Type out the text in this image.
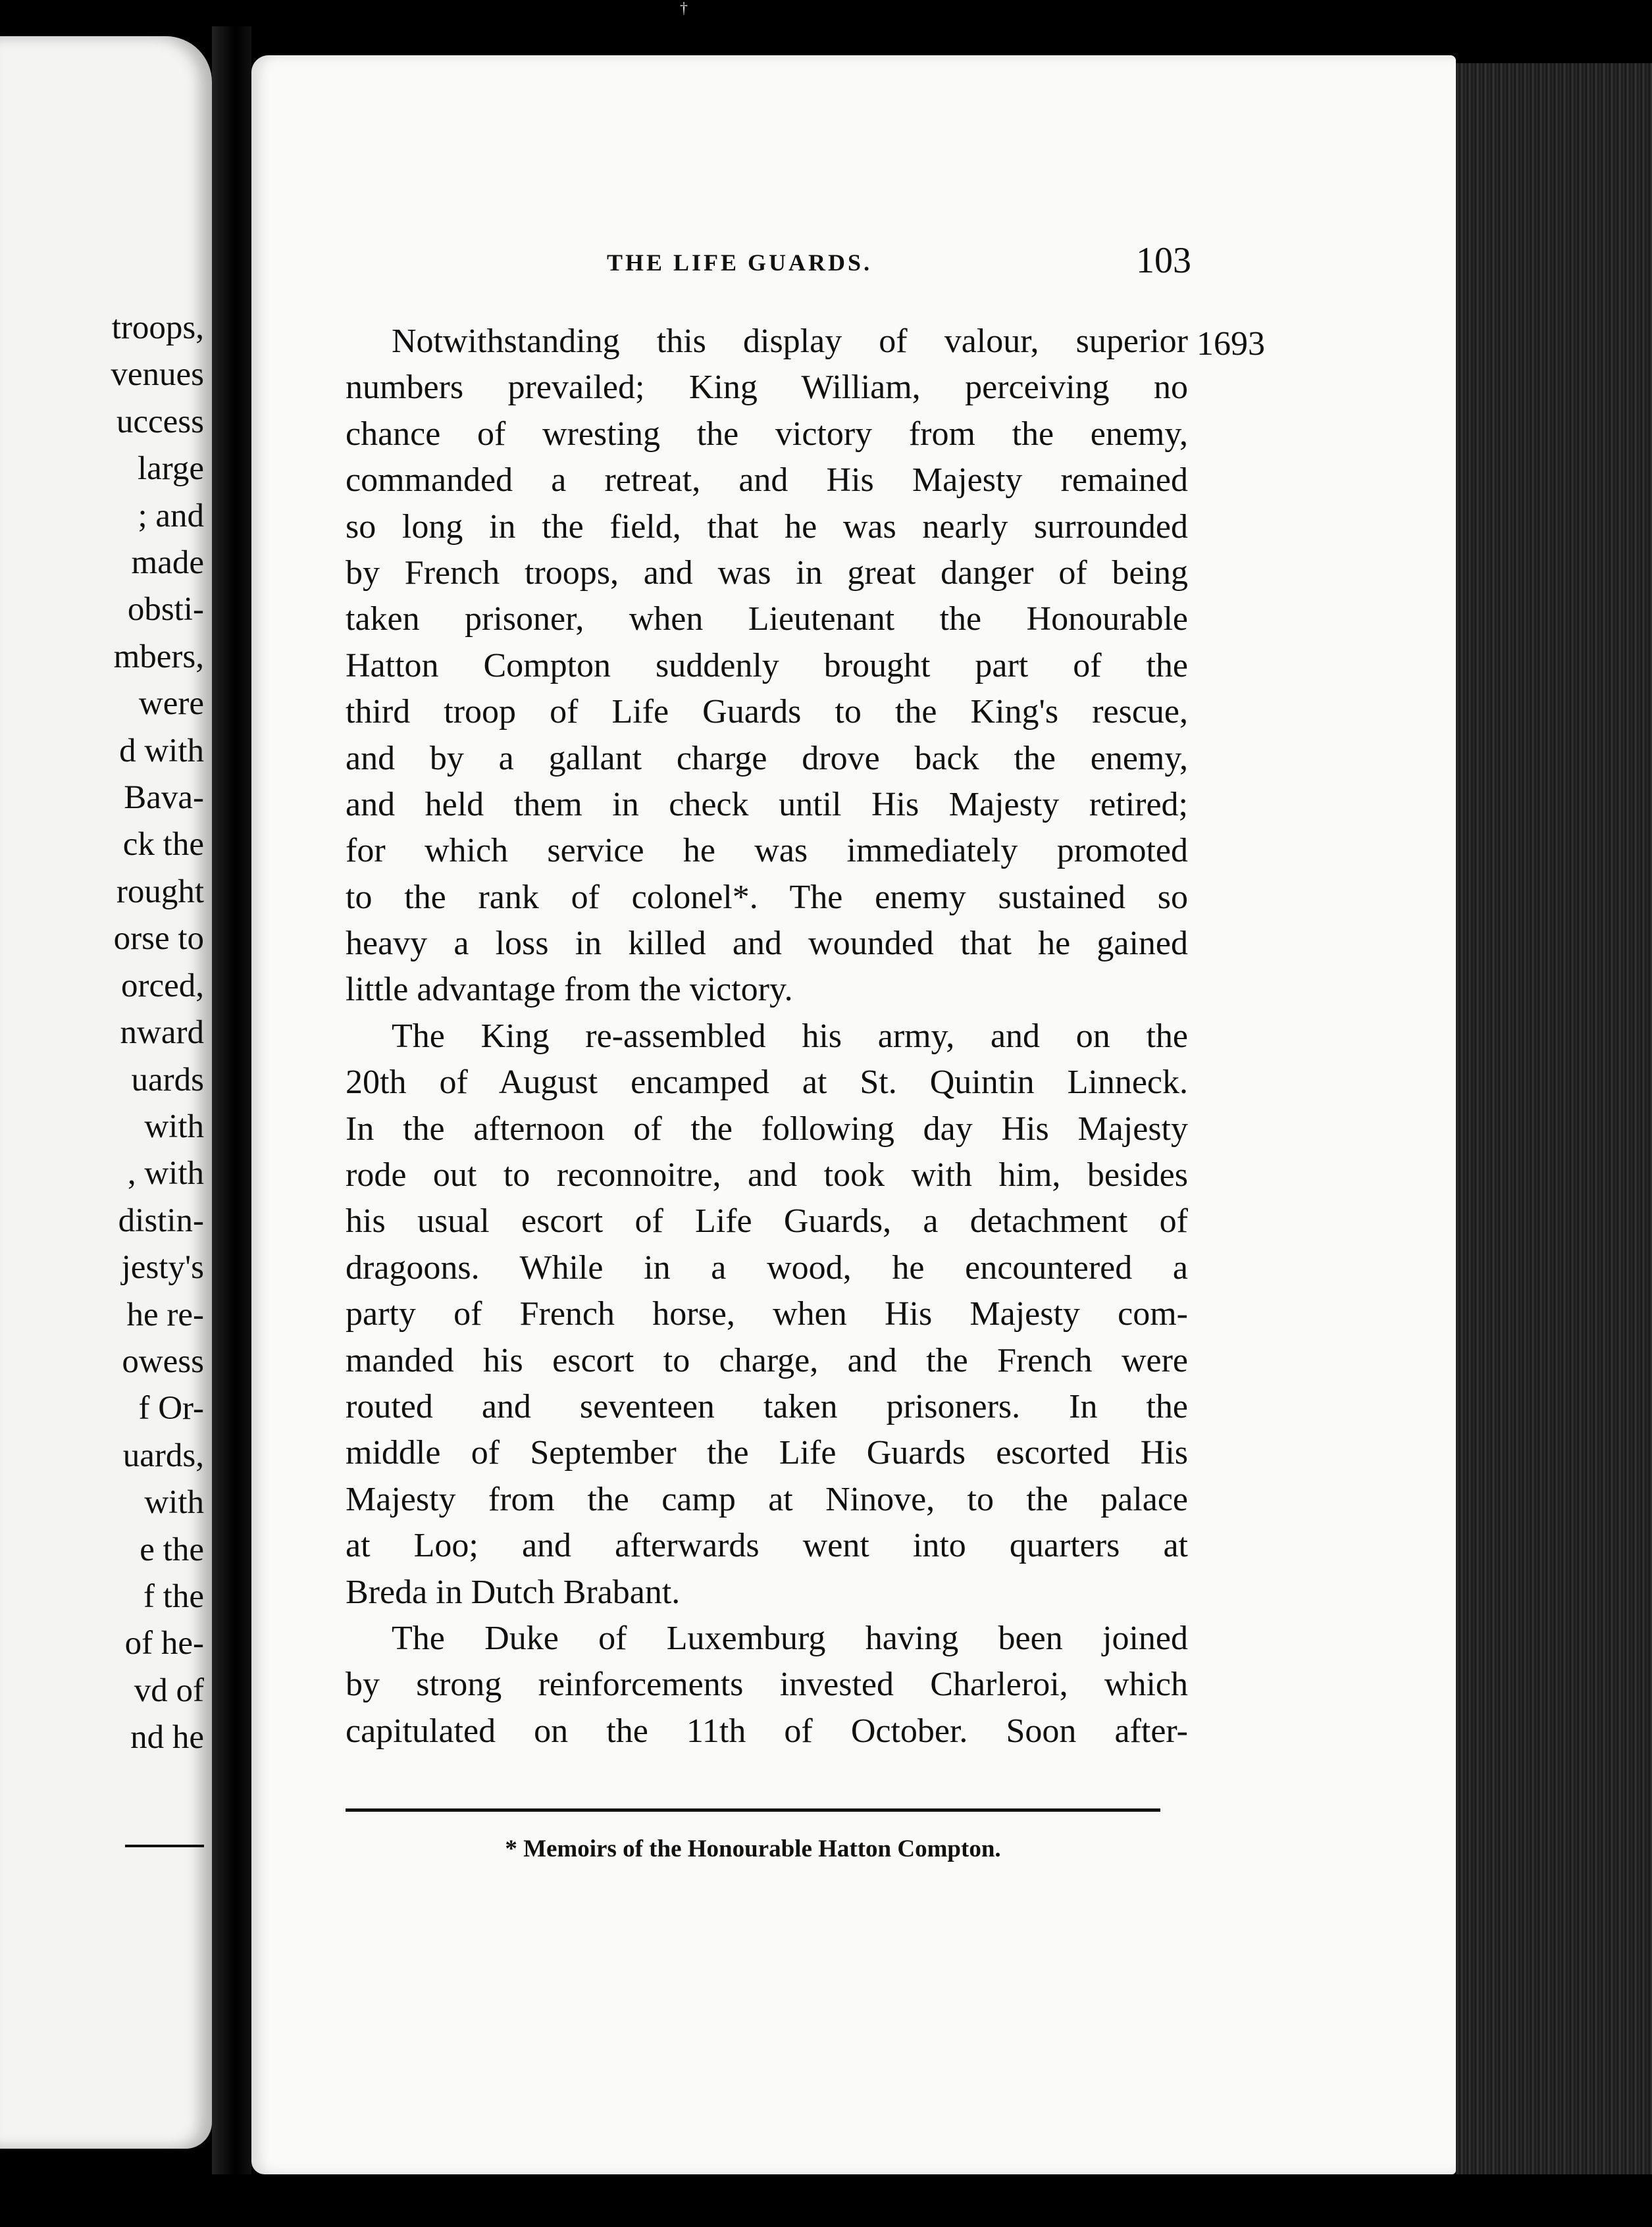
†
troops,
venues
uccess
large
; and
made
obsti-
mbers,
were
d with
Bava-
ck the
rought
orse to
orced,
nward
uards
with
, with
distin-
jesty's
he re-
owess
f Or-
uards,
with
e the
f the
of he-
vd of
nd he
THE LIFE GUARDS.	103
1693
Notwithstanding this display of valour, superior
numbers prevailed; King William, perceiving no
chance of wresting the victory from the enemy,
commanded a retreat, and His Majesty remained
so long in the field, that he was nearly surrounded
by French troops, and was in great danger of being
taken prisoner, when Lieutenant the Honourable
Hatton Compton suddenly brought part of the
third troop of Life Guards to the King's rescue,
and by a gallant charge drove back the enemy,
and held them in check until His Majesty retired;
for which service he was immediately promoted
to the rank of colonel*. The enemy sustained so
heavy a loss in killed and wounded that he gained
little advantage from the victory.
The King re-assembled his army, and on the
20th of August encamped at St. Quintin Linneck.
In the afternoon of the following day His Majesty
rode out to reconnoitre, and took with him, besides
his usual escort of Life Guards, a detachment of
dragoons. While in a wood, he encountered a
party of French horse, when His Majesty com-
manded his escort to charge, and the French were
routed and seventeen taken prisoners. In the
middle of September the Life Guards escorted His
Majesty from the camp at Ninove, to the palace
at Loo; and afterwards went into quarters at
Breda in Dutch Brabant.
The Duke of Luxemburg having been joined
by strong reinforcements invested Charleroi, which
capitulated on the 11th of October. Soon after-
* Memoirs of the Honourable Hatton Compton.
